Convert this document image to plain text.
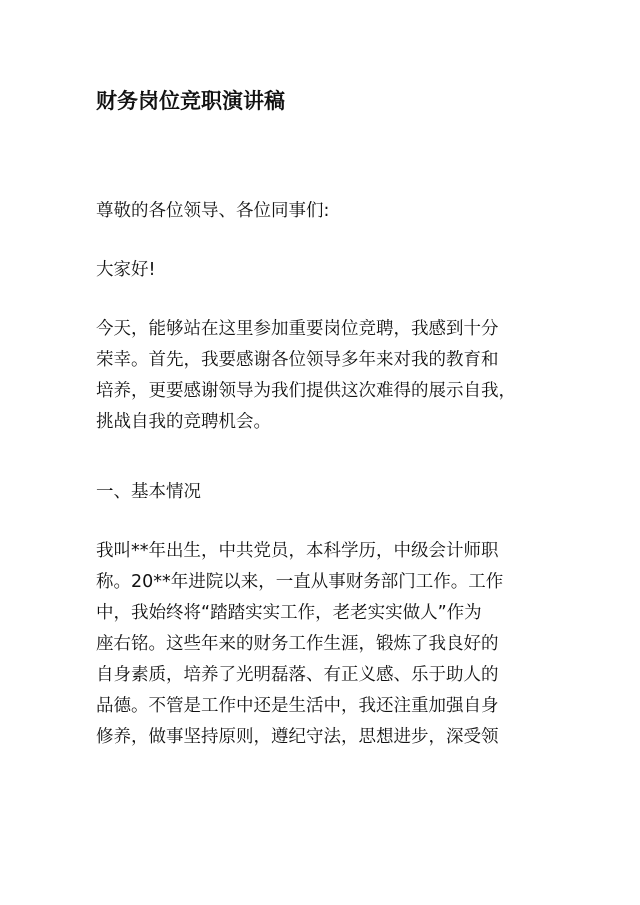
财务岗位竞职演讲稿

尊敬的各位领导、各位同事们:

大家好!

今天，能够站在这里参加重要岗位竞聘，我感到十分
荣幸。首先，我要感谢各位领导多年来对我的教育和
培养，更要感谢领导为我们提供这次难得的展示自我，
挑战自我的竞聘机会。

一、基本情况

我叫**年出生，中共党员，本科学历，中级会计师职
称。20**年进院以来，一直从事财务部门工作。工作
中，我始终将“踏踏实实工作，老老实实做人”作为
座右铭。这些年来的财务工作生涯，锻炼了我良好的
自身素质，培养了光明磊落、有正义感、乐于助人的
品德。不管是工作中还是生活中，我还注重加强自身
修养，做事坚持原则，遵纪守法，思想进步，深受领
